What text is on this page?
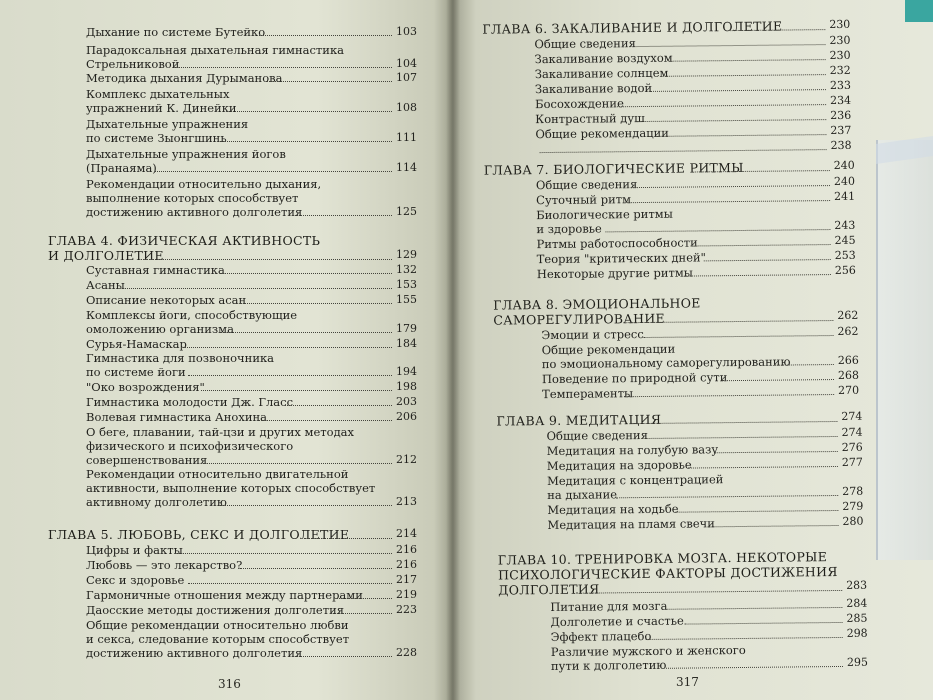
ГЛАВА 6. ЗАКАЛИВАНИЕ И ДОЛГОЛЕТИЕ	230
Общие сведения	230
Закаливание воздухом	230
Закаливание солнцем	232
Закаливание водой	233
Босохождение	234
Контрастный душ	236
Общие рекомендации	237
238
ГЛАВА 7. БИОЛОГИЧЕСКИЕ РИТМЫ	240
Общие сведения	240
Суточный ритм	241
Биологические ритмы
и здоровье	243
Ритмы работоспособности	245
Теория "критических дней"	253
Некоторые другие ритмы	256
ГЛАВА 8. ЭМОЦИОНАЛЬНОЕ
САМОРЕГУЛИРОВАНИЕ	262
Эмоции и стресс	262
Общие рекомендации
по эмоциональному саморегулированию	266
Поведение по природной сути	268
Темпераменты	270
ГЛАВА 9. МЕДИТАЦИЯ	274
Общие сведения	274
Медитация на голубую вазу	276
Медитация на здоровье	277
Медитация с концентрацией
на дыхание	278
Медитация на ходьбе	279
Медитация на пламя свечи	280
ГЛАВА 10. ТРЕНИРОВКА МОЗГА. НЕКОТОРЫЕ
ПСИХОЛОГИЧЕСКИЕ ФАКТОРЫ ДОСТИЖЕНИЯ
ДОЛГОЛЕТИЯ	283
Питание для мозга	284
Долголетие и счастье	285
Эффект плацебо	298
Различие мужского и женского
пути к долголетию	295
Дыхание по системе Бутейко	103
Парадоксальная дыхательная гимнастика
Стрельниковой	104
Методика дыхания Дурыманова	107
Комплекс дыхательных
упражнений К. Динейки	108
Дыхательные упражнения
по системе Зыонгшинь	111
Дыхательные упражнения йогов
(Пранаяма)	114
Рекомендации относительно дыхания,
выполнение которых способствует
достижению активного долголетия	125
ГЛАВА 4. ФИЗИЧЕСКАЯ АКТИВНОСТЬ
И ДОЛГОЛЕТИЕ	129
Суставная гимнастика	132
Асаны	153
Описание некоторых асан	155
Комплексы йоги, способствующие
омоложению организма	179
Сурья-Намаскар	184
Гимнастика для позвоночника
по системе йоги	194
"Око возрождения"	198
Гимнастика молодости Дж. Гласс	203
Волевая гимнастика Анохина	206
О беге, плавании, тай-цзи и других методах
физического и психофизического
совершенствования	212
Рекомендации относительно двигательной
активности, выполнение которых способствует
активному долголетию	213
ГЛАВА 5. ЛЮБОВЬ, СЕКС И ДОЛГОЛЕТИЕ	214
Цифры и факты	216
Любовь — это лекарство?	216
Секс и здоровье	217
Гармоничные отношения между партнерами	219
Даосские методы достижения долголетия	223
Общие рекомендации относительно любви
и секса, следование которым способствует
достижению активного долголетия	228
316	317
